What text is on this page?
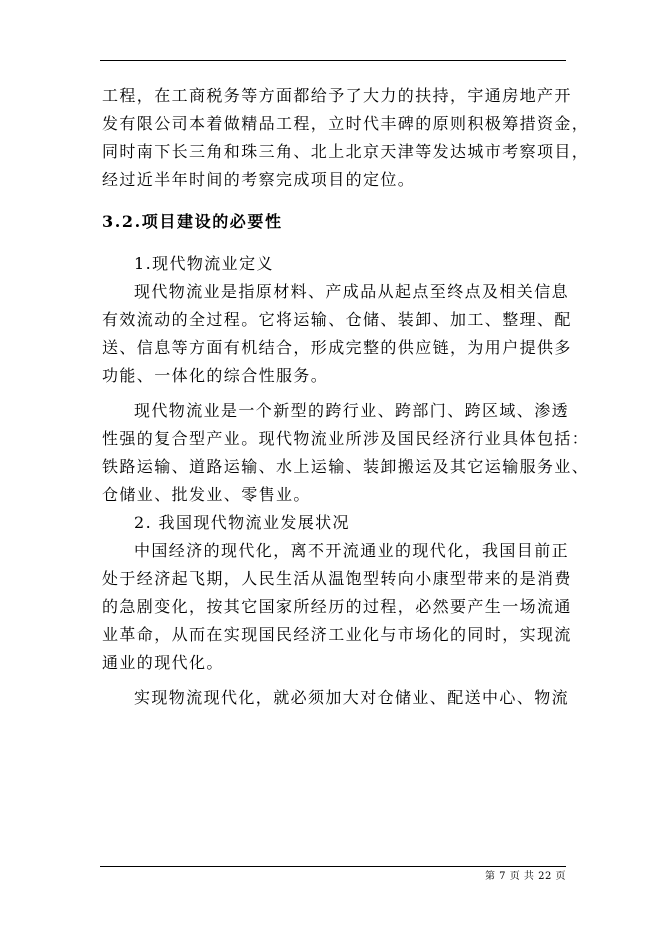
工程，在工商税务等方面都给予了大力的扶持，宇通房地产开

发有限公司本着做精品工程，立时代丰碑的原则积极筹措资金，

同时南下长三角和珠三角、北上北京天津等发达城市考察项目，

经过近半年时间的考察完成项目的定位。

3.2.项目建设的必要性

1.现代物流业定义

现代物流业是指原材料、产成品从起点至终点及相关信息

有效流动的全过程。它将运输、仓储、装卸、加工、整理、配

送、信息等方面有机结合，形成完整的供应链，为用户提供多

功能、一体化的综合性服务。

现代物流业是一个新型的跨行业、跨部门、跨区域、渗透

性强的复合型产业。现代物流业所涉及国民经济行业具体包括：

铁路运输、道路运输、水上运输、装卸搬运及其它运输服务业、

仓储业、批发业、零售业。

2. 我国现代物流业发展状况

中国经济的现代化，离不开流通业的现代化，我国目前正

处于经济起飞期，人民生活从温饱型转向小康型带来的是消费

的急剧变化，按其它国家所经历的过程，必然要产生一场流通

业革命，从而在实现国民经济工业化与市场化的同时，实现流

通业的现代化。

实现物流现代化，就必须加大对仓储业、配送中心、物流

第 7 页 共 22 页
